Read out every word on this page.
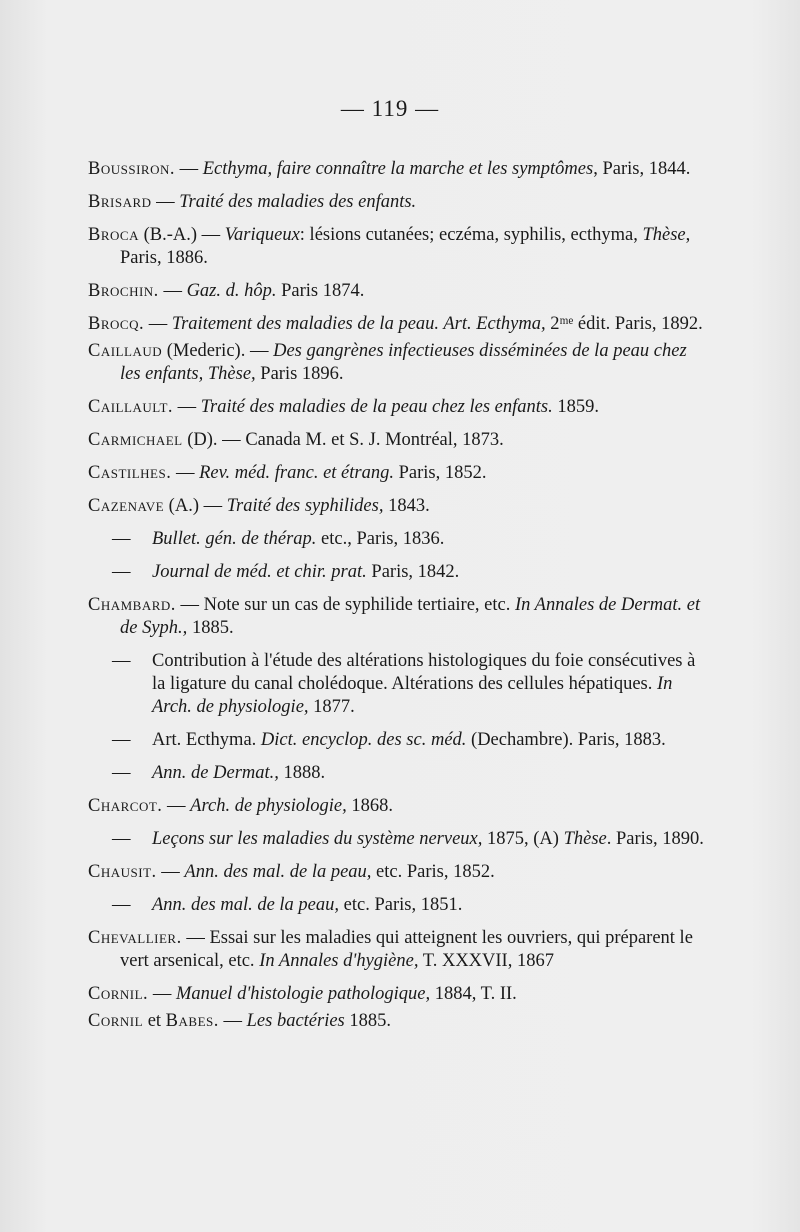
— 119 —
Boussiron. — Ecthyma, faire connaître la marche et les symptômes, Paris, 1844.
Brisard — Traité des maladies des enfants.
Broca (B.-A.) — Variqueux: lésions cutanées; eczéma, syphilis, ecthyma, Thèse, Paris, 1886.
Brochin. — Gaz. d. hôp. Paris 1874.
Brocq. — Traitement des maladies de la peau. Art. Ecthyma, 2ᵐᵉ édit. Paris, 1892.
Caillaud (Mederic). — Des gangrènes infectieuses disséminées de la peau chez les enfants, Thèse, Paris 1896.
Caillault. — Traité des maladies de la peau chez les enfants. 1859.
Carmichael (D). — Canada M. et S. J. Montréal, 1873.
Castilhes. — Rev. méd. franc. et étrang. Paris, 1852.
Cazenave (A.) — Traité des syphilides, 1843.
— Bullet. gén. de thérap. etc., Paris, 1836.
— Journal de méd. et chir. prat. Paris, 1842.
Chambard. — Note sur un cas de syphilide tertiaire, etc. In Annales de Dermat. et de Syph., 1885.
— Contribution à l'étude des altérations histologiques du foie consécutives à la ligature du canal cholédoque. Altérations des cellules hépatiques. In Arch. de physiologie, 1877.
— Art. Ecthyma. Dict. encyclop. des sc. méd. (Dechambre). Paris, 1883.
— Ann. de Dermat., 1888.
Charcot. — Arch. de physiologie, 1868.
— Leçons sur les maladies du système nerveux, 1875, (A) Thèse. Paris, 1890.
Chausit. — Ann. des mal. de la peau, etc. Paris, 1852.
— Ann. des mal. de la peau, etc. Paris, 1851.
Chevallier. — Essai sur les maladies qui atteignent les ouvriers, qui préparent le vert arsenical, etc. In Annales d'hygiène, T. XXXVII, 1867
Cornil. — Manuel d'histologie pathologique, 1884, T. II.
Cornil et Babes. — Les bactéries 1885.
